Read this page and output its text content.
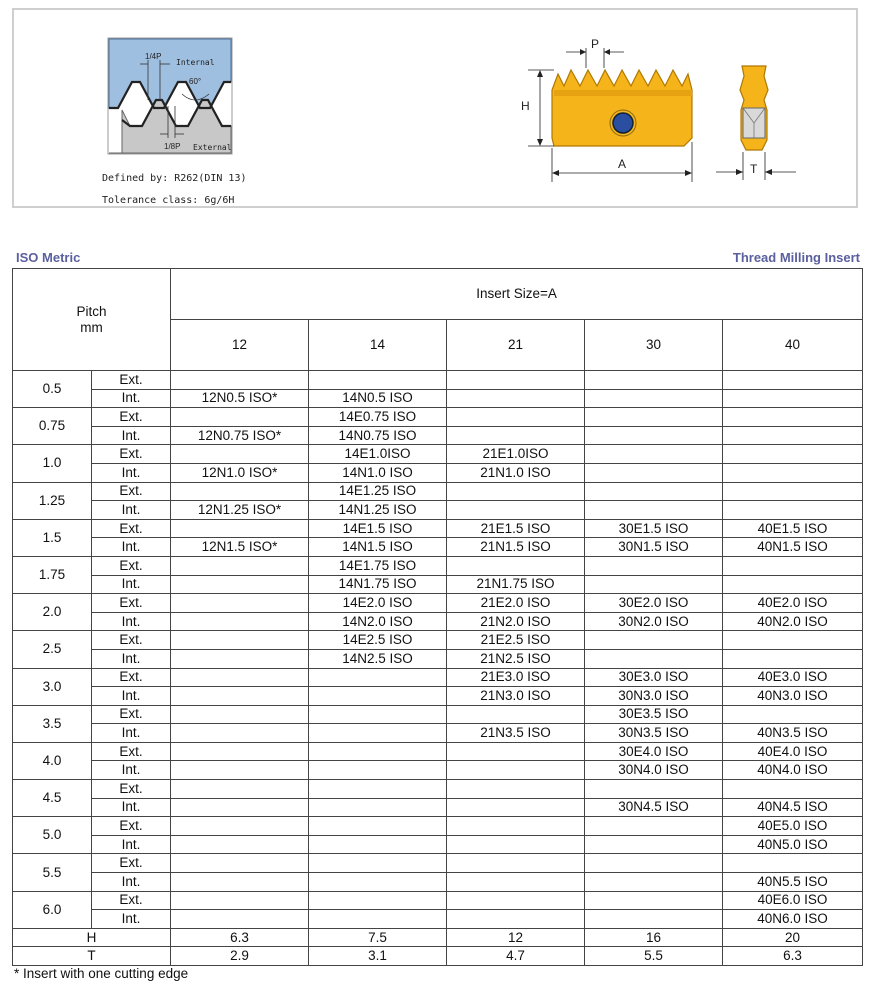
1/4P
Internal
60°
1/8P External
Defined by: R262(DIN 13)
Tolerance class: 6g/6H
P
H
A	T
ISO Metric	Thread Milling Insert
Pitch
mm		Insert Size=A				
		12	14	21	30	40
0.5	Ext.					
	Int.	12N0.5 ISO*	14N0.5 ISO			
0.75	Ext.		14E0.75 ISO			
	Int.	12N0.75 ISO*	14N0.75 ISO			
1.0	Ext.		14E1.0ISO	21E1.0ISO		
	Int.	12N1.0 ISO*	14N1.0 ISO	21N1.0 ISO		
1.25	Ext.		14E1.25 ISO			
	Int.	12N1.25 ISO*	14N1.25 ISO			
1.5	Ext.		14E1.5 ISO	21E1.5 ISO	30E1.5 ISO	40E1.5 ISO
	Int.	12N1.5 ISO*	14N1.5 ISO	21N1.5 ISO	30N1.5 ISO	40N1.5 ISO
1.75	Ext.		14E1.75 ISO			
	Int.		14N1.75 ISO	21N1.75 ISO		
2.0	Ext.		14E2.0 ISO	21E2.0 ISO	30E2.0 ISO	40E2.0 ISO
	Int.		14N2.0 ISO	21N2.0 ISO	30N2.0 ISO	40N2.0 ISO
2.5	Ext.		14E2.5 ISO	21E2.5 ISO		
	Int.		14N2.5 ISO	21N2.5 ISO		
3.0	Ext.			21E3.0 ISO	30E3.0 ISO	40E3.0 ISO
	Int.			21N3.0 ISO	30N3.0 ISO	40N3.0 ISO
3.5	Ext.				30E3.5 ISO	
	Int.			21N3.5 ISO	30N3.5 ISO	40N3.5 ISO
4.0	Ext.				30E4.0 ISO	40E4.0 ISO
	Int.				30N4.0 ISO	40N4.0 ISO
4.5	Ext.					
	Int.				30N4.5 ISO	40N4.5 ISO
5.0	Ext.					40E5.0 ISO
	Int.					40N5.0 ISO
5.5	Ext.					
	Int.					40N5.5 ISO
6.0	Ext.					40E6.0 ISO
	Int.					40N6.0 ISO
H		6.3	7.5	12	16	20
T		2.9	3.1	4.7	5.5	6.3
* Insert with one cutting edge
